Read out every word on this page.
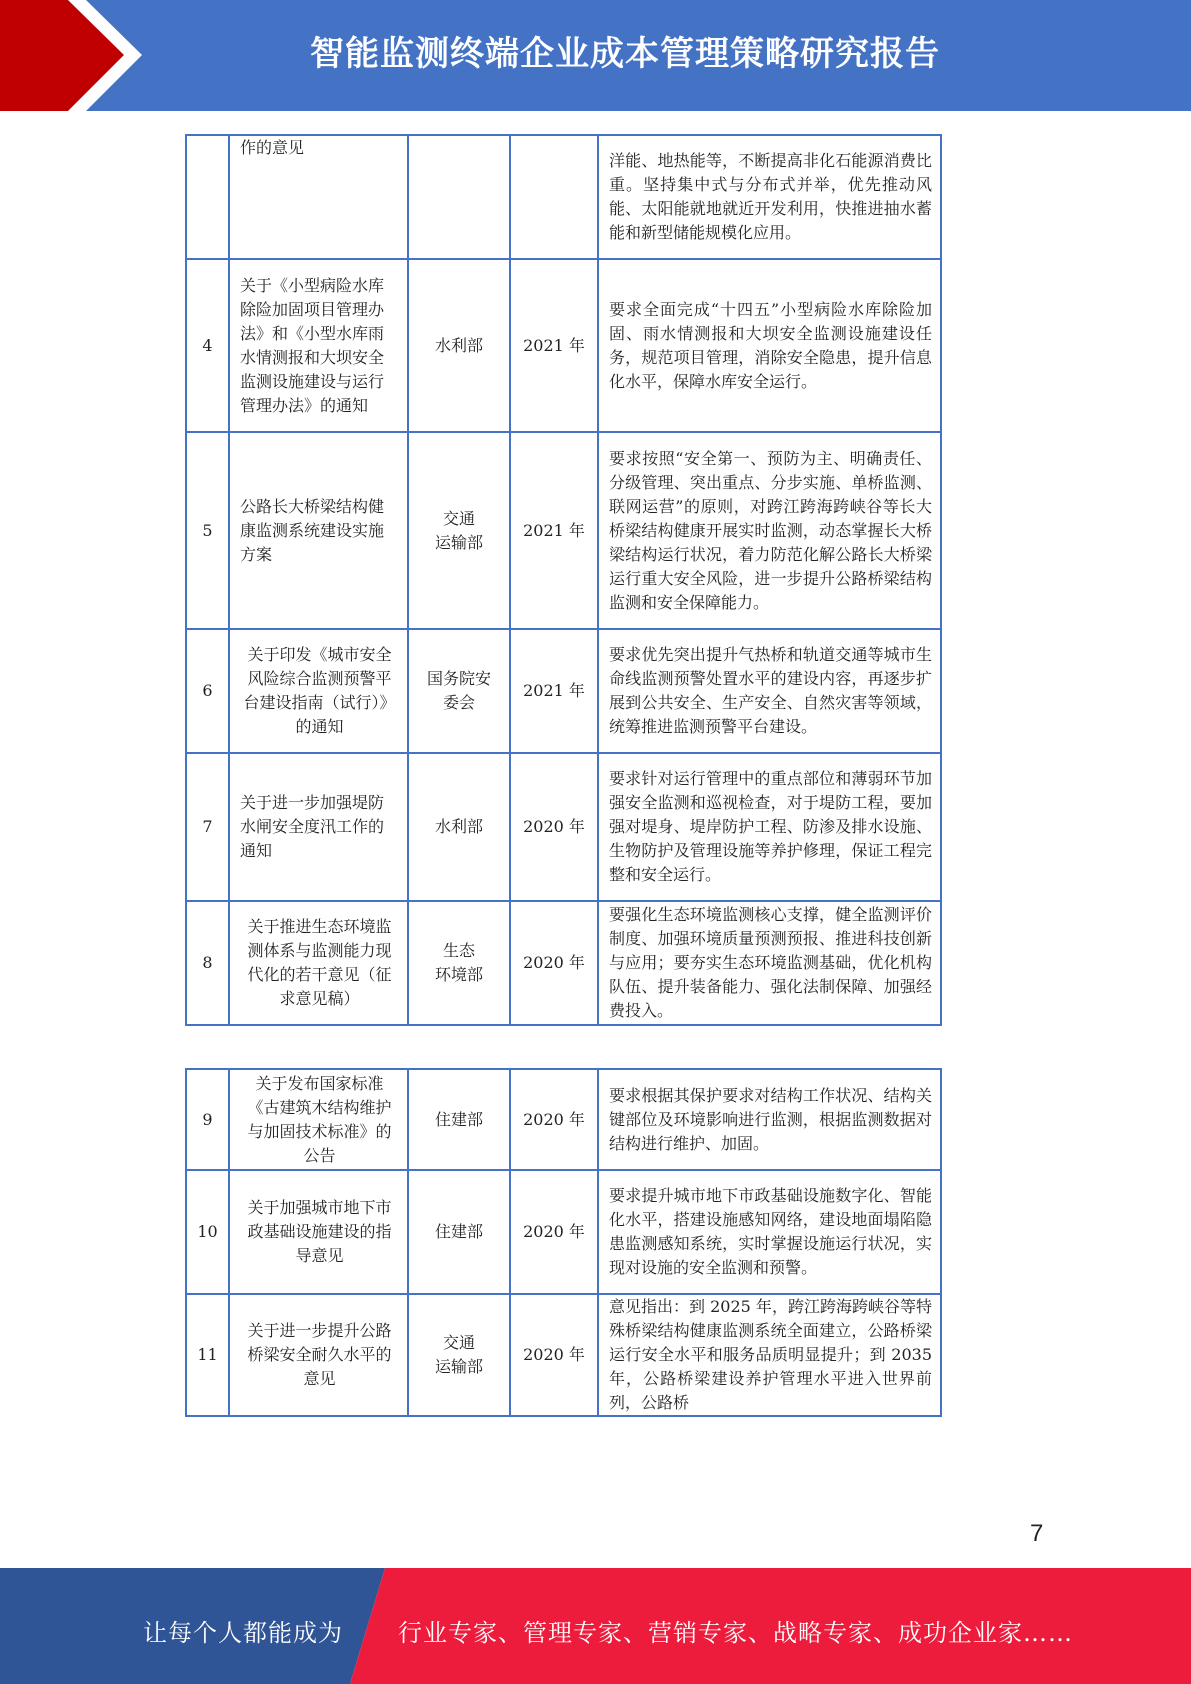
智能监测终端企业成本管理策略研究报告
	作的意见			洋能、地热能等，不断提高非化石能源消费比重。坚持集中式与分布式并举，优先推动风能、太阳能就地就近开发利用，快推进抽水蓄能和新型储能规模化应用。
4	关于《小型病险水库除险加固项目管理办法》和《小型水库雨水情测报和大坝安全监测设施建设与运行管理办法》的通知	水利部	2021 年	要求全面完成“十四五”小型病险水库除险加固、雨水情测报和大坝安全监测设施建设任务，规范项目管理，消除安全隐患，提升信息化水平，保障水库安全运行。
5	公路长大桥梁结构健康监测系统建设实施方案	交通
运输部	2021 年	要求按照“安全第一、预防为主、明确责任、分级管理、突出重点、分步实施、单桥监测、联网运营”的原则，对跨江跨海跨峡谷等长大桥梁结构健康开展实时监测，动态掌握长大桥梁结构运行状况，着力防范化解公路长大桥梁运行重大安全风险，进一步提升公路桥梁结构监测和安全保障能力。
6	关于印发《城市安全风险综合监测预警平台建设指南（试行）》的通知	国务院安
委会	2021 年	要求优先突出提升气热桥和轨道交通等城市生命线监测预警处置水平的建设内容，再逐步扩展到公共安全、生产安全、自然灾害等领域，统筹推进监测预警平台建设。
7	关于进一步加强堤防水闸安全度汛工作的通知	水利部	2020 年	要求针对运行管理中的重点部位和薄弱环节加强安全监测和巡视检查，对于堤防工程，要加强对堤身、堤岸防护工程、防渗及排水设施、生物防护及管理设施等养护修理，保证工程完整和安全运行。
8	关于推进生态环境监测体系与监测能力现代化的若干意见（征求意见稿）	生态
环境部	2020 年	要强化生态环境监测核心支撑，健全监测评价制度、加强环境质量预测预报、推进科技创新与应用；要夯实生态环境监测基础，优化机构队伍、提升装备能力、强化法制保障、加强经费投入。
9	关于发布国家标准《古建筑木结构维护与加固技术标准》的公告	住建部	2020 年	要求根据其保护要求对结构工作状况、结构关键部位及环境影响进行监测，根据监测数据对结构进行维护、加固。
10	关于加强城市地下市政基础设施建设的指导意见	住建部	2020 年	要求提升城市地下市政基础设施数字化、智能化水平，搭建设施感知网络，建设地面塌陷隐患监测感知系统，实时掌握设施运行状况，实现对设施的安全监测和预警。
11	关于进一步提升公路桥梁安全耐久水平的意见	交通
运输部	2020 年	意见指出：到 2025 年，跨江跨海跨峡谷等特殊桥梁结构健康监测系统全面建立，公路桥梁运行安全水平和服务品质明显提升；到 2035 年，公路桥梁建设养护管理水平进入世界前列，公路桥
7
让每个人都能成为 行业专家、管理专家、营销专家、战略专家、成功企业家……
